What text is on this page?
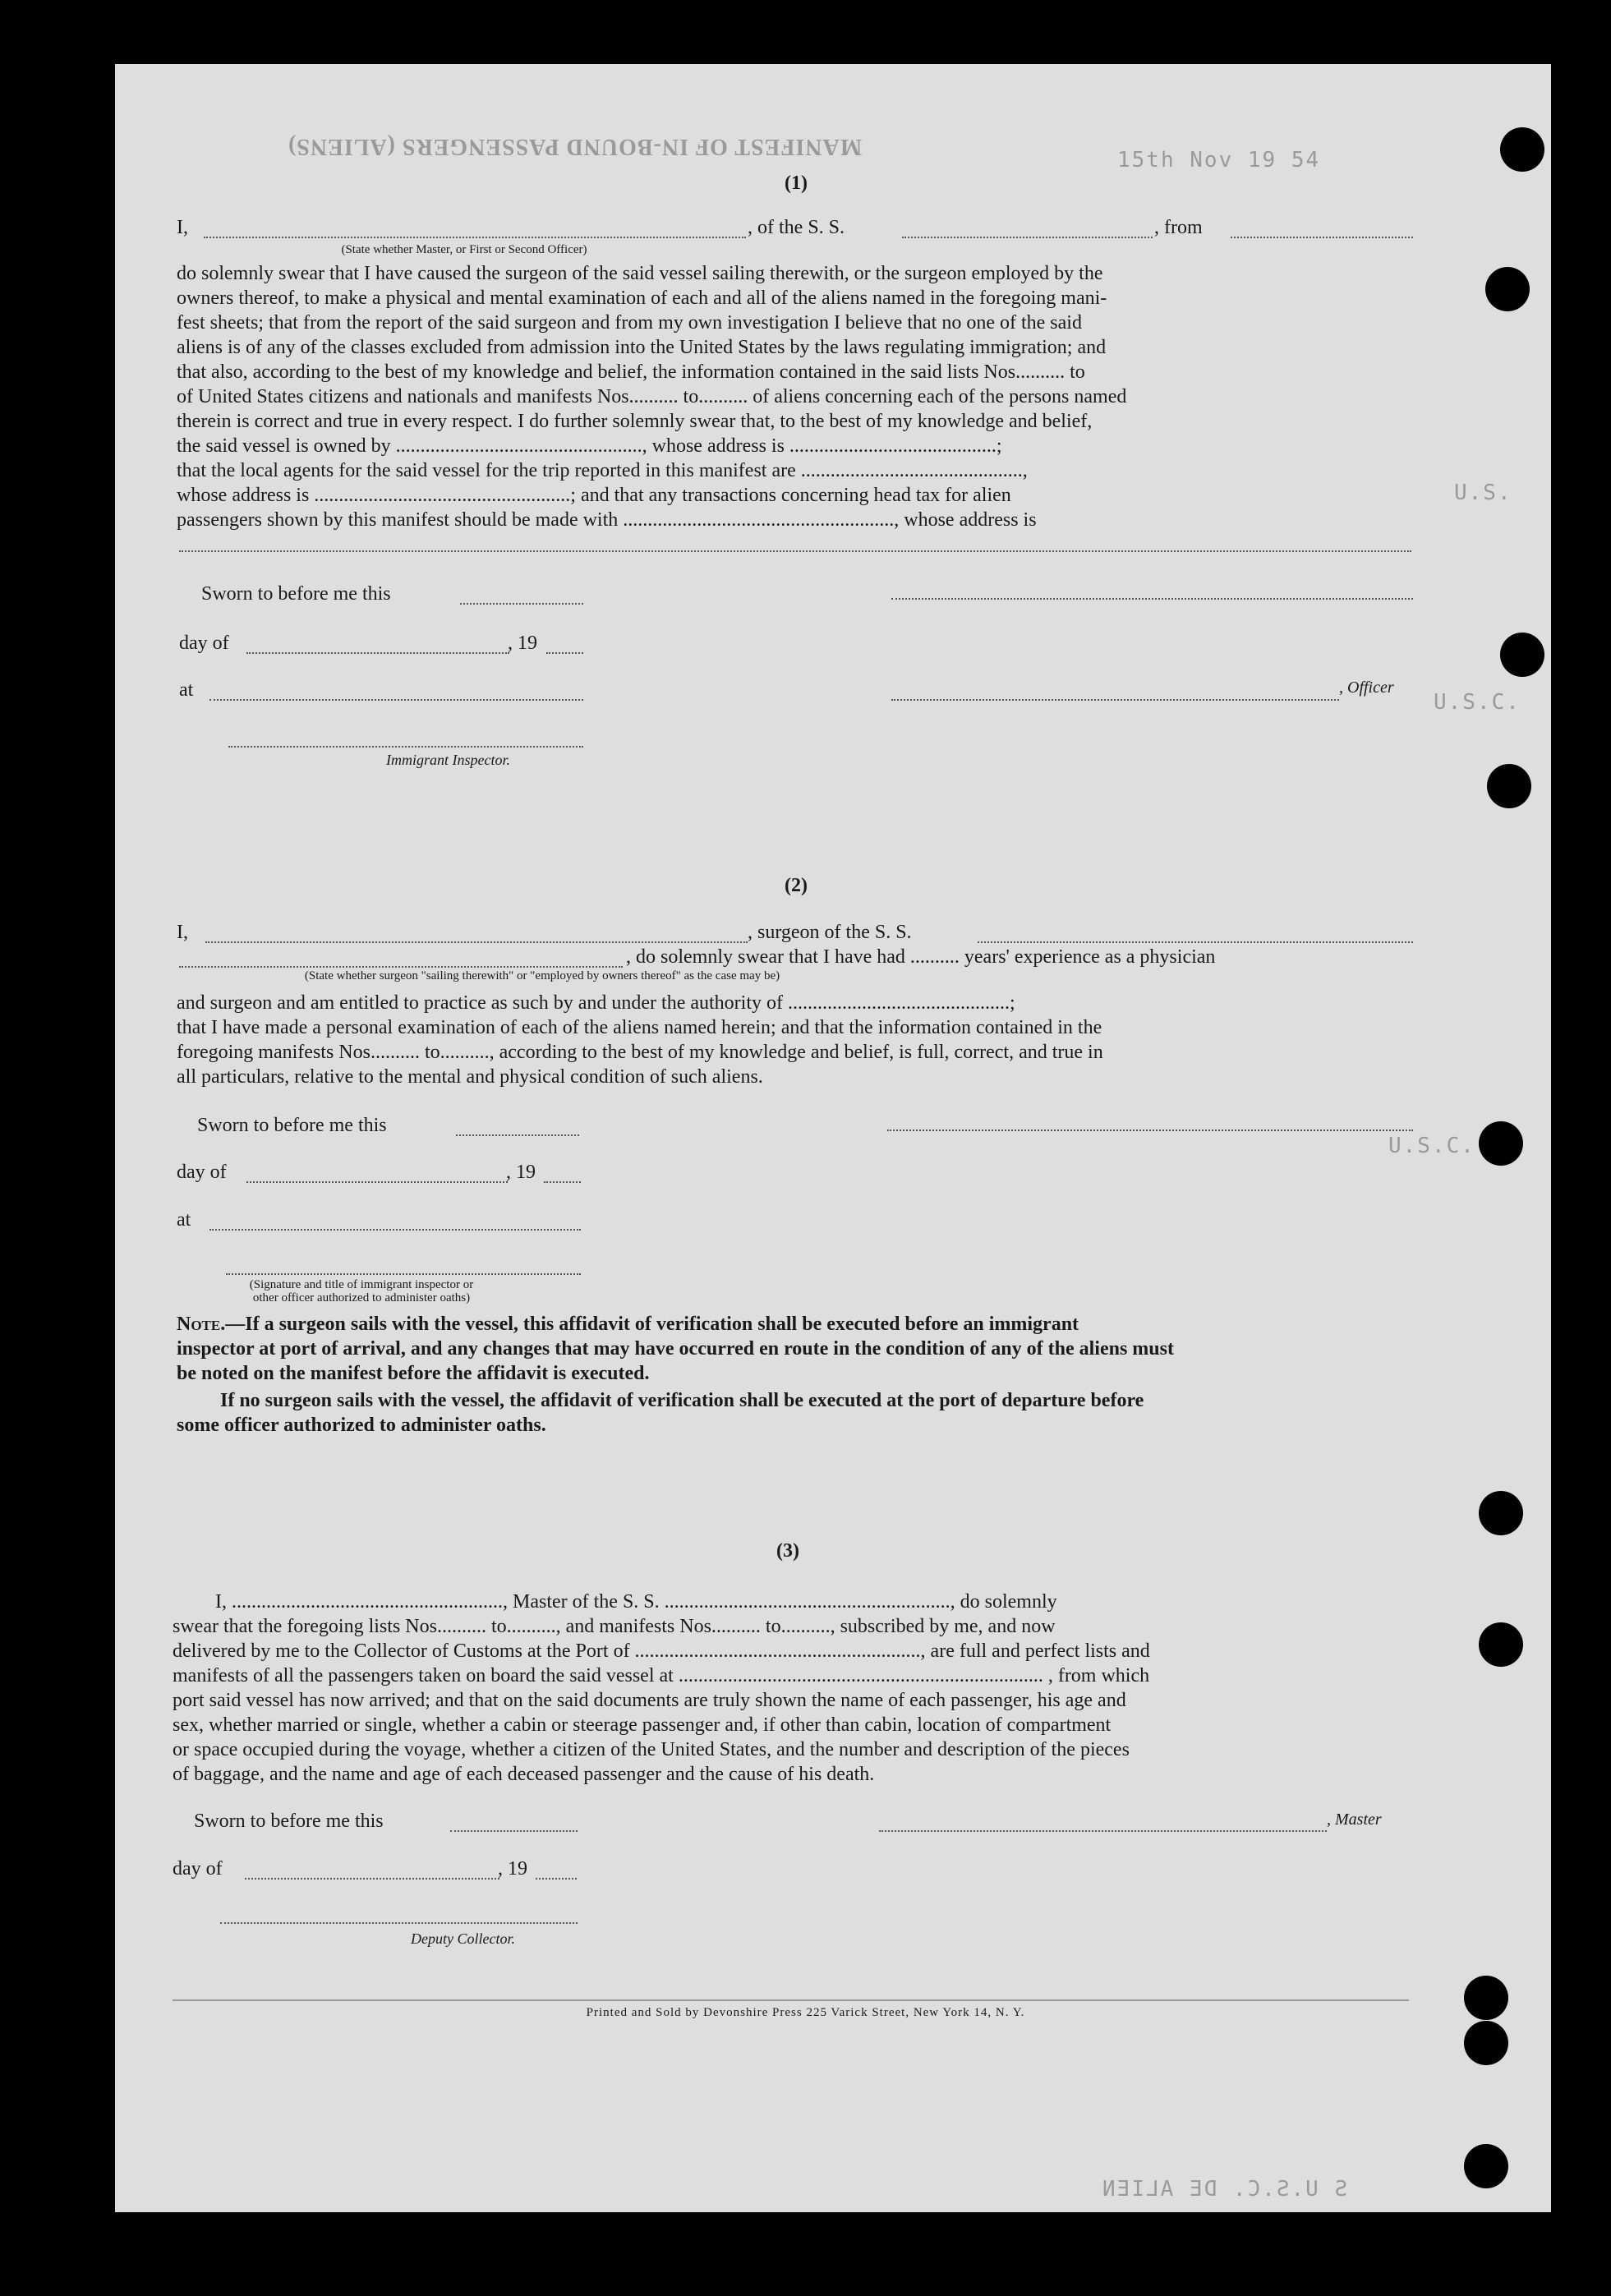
MANIFEST OF IN-BOUND PASSENGERS (ALIENS)
15th Nov 19 54
U.S.
U.S.C.
U.S.C.
S U.S.C. DE ALIEN
(1)
I,	, of the S. S.	, from
(State whether Master, or First or Second Officer)
do solemnly swear that I have caused the surgeon of the said vessel sailing therewith, or the surgeon employed by the
owners thereof, to make a physical and mental examination of each and all of the aliens named in the foregoing mani-
fest sheets; that from the report of the said surgeon and from my own investigation I believe that no one of the said
aliens is of any of the classes excluded from admission into the United States by the laws regulating immigration; and
that also, according to the best of my knowledge and belief, the information contained in the said lists Nos.......... to
of United States citizens and nationals and manifests Nos.......... to.......... of aliens concerning each of the persons named
therein is correct and true in every respect. I do further solemnly swear that, to the best of my knowledge and belief,
the said vessel is owned by .................................................., whose address is ..........................................;
that the local agents for the said vessel for the trip reported in this manifest are .............................................,
whose address is ....................................................; and that any transactions concerning head tax for alien
passengers shown by this manifest should be made with ......................................................., whose address is
Sworn to before me this
day of	, 19
at	, Officer
Immigrant Inspector.
(2)
I,	, surgeon of the S. S.
, do solemnly swear that I have had .......... years' experience as a physician
(State whether surgeon "sailing therewith" or "employed by owners thereof" as the case may be)
and surgeon and am entitled to practice as such by and under the authority of .............................................;
that I have made a personal examination of each of the aliens named herein; and that the information contained in the
foregoing manifests Nos.......... to.........., according to the best of my knowledge and belief, is full, correct, and true in
all particulars, relative to the mental and physical condition of such aliens.
Sworn to before me this
day of	, 19
at
(Signature and title of immigrant inspector or other officer authorized to administer oaths)
Note.—If a surgeon sails with the vessel, this affidavit of verification shall be executed before an immigrant
inspector at port of arrival, and any changes that may have occurred en route in the condition of any of the aliens must
be noted on the manifest before the affidavit is executed.
If no surgeon sails with the vessel, the affidavit of verification shall be executed at the port of departure before
some officer authorized to administer oaths.
(3)
I, ......................................................., Master of the S. S. .........................................................., do solemnly
swear that the foregoing lists Nos.......... to.........., and manifests Nos.......... to.........., subscribed by me, and now
delivered by me to the Collector of Customs at the Port of .........................................................., are full and perfect lists and
manifests of all the passengers taken on board the said vessel at .......................................................................... , from which
port said vessel has now arrived; and that on the said documents are truly shown the name of each passenger, his age and
sex, whether married or single, whether a cabin or steerage passenger and, if other than cabin, location of compartment
or space occupied during the voyage, whether a citizen of the United States, and the number and description of the pieces
of baggage, and the name and age of each deceased passenger and the cause of his death.
Sworn to before me this	, Master
day of	, 19
Deputy Collector.
Printed and Sold by Devonshire Press 225 Varick Street, New York 14, N. Y.
